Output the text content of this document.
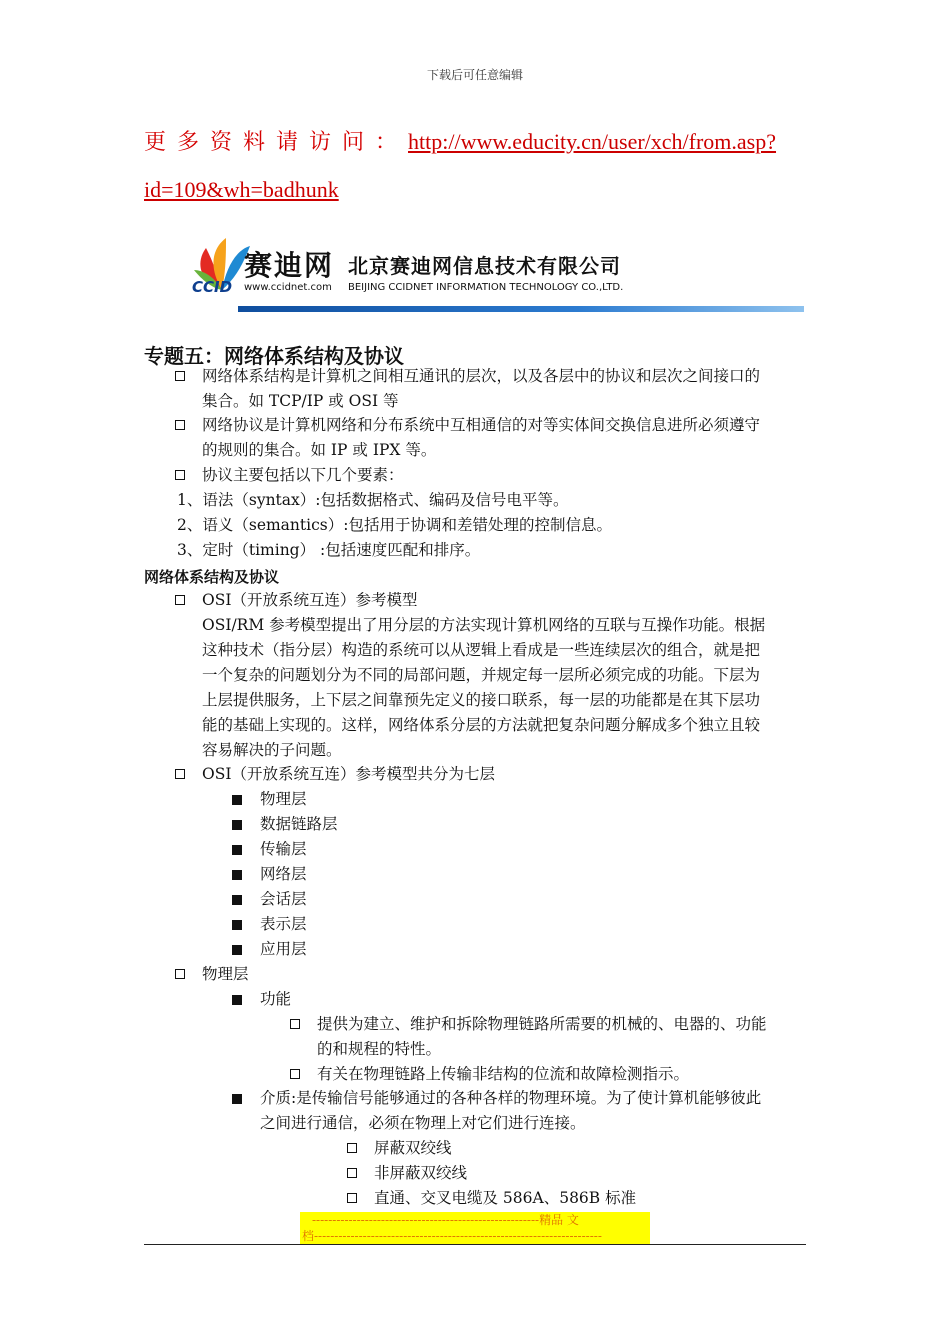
下载后可任意编辑
更多资料请访问：http://www.educity.cn/user/xch/from.asp?
id=109&wh=badhunk
CCID
赛迪网 北京赛迪网信息技术有限公司
www.ccidnet.com BEIJING CCIDNET INFORMATION TECHNOLOGY CO.,LTD.
专题五：网络体系结构及协议
网络体系结构是计算机之间相互通讯的层次，以及各层中的协议和层次之间接口的
集合。如 TCP/IP 或 OSI 等
网络协议是计算机网络和分布系统中互相通信的对等实体间交换信息进所必须遵守
的规则的集合。如 IP 或 IPX 等。
协议主要包括以下几个要素：
1、语法（syntax）:包括数据格式、编码及信号电平等。
2、语义（semantics）:包括用于协调和差错处理的控制信息。
3、定时（timing） :包括速度匹配和排序。
网络体系结构及协议
OSI（开放系统互连）参考模型
OSI/RM 参考模型提出了用分层的方法实现计算机网络的互联与互操作功能。根据
这种技术（指分层）构造的系统可以从逻辑上看成是一些连续层次的组合，就是把
一个复杂的问题划分为不同的局部问题，并规定每一层所必须完成的功能。下层为
上层提供服务，上下层之间靠预先定义的接口联系，每一层的功能都是在其下层功
能的基础上实现的。这样，网络体系分层的方法就把复杂问题分解成多个独立且较
容易解决的子问题。
OSI（开放系统互连）参考模型共分为七层
物理层
数据链路层
传输层
网络层
会话层
表示层
应用层
物理层
功能
提供为建立、维护和拆除物理链路所需要的机械的、电器的、功能
的和规程的特性。
有关在物理链路上传输非结构的位流和故障检测指示。
介质:是传输信号能够通过的各种各样的物理环境。为了使计算机能够彼此
之间进行通信，必须在物理上对它们进行连接。
屏蔽双绞线
非屏蔽双绞线
直通、交叉电缆及 586A、586B 标准
--------------------------------------------------------精品 文
档-----------------------------------------------------------------------
